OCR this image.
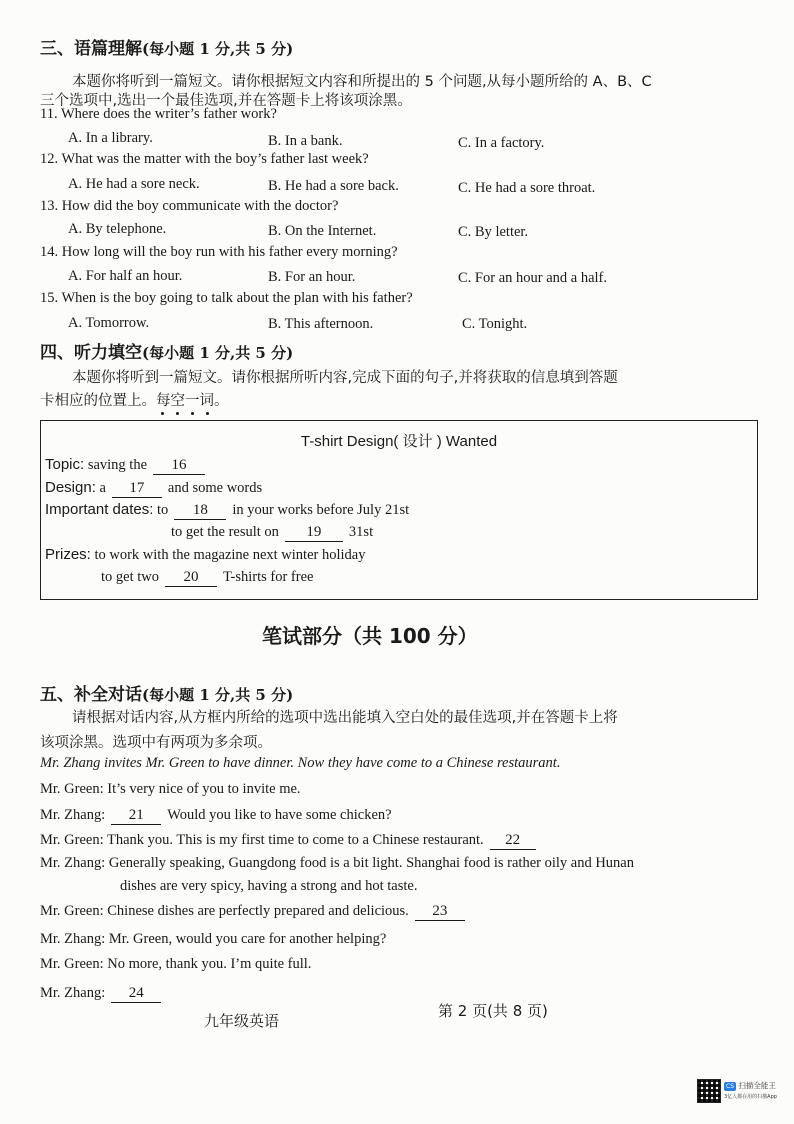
三、语篇理解(每小题 1 分,共 5 分)
本题你将听到一篇短文。请你根据短文内容和所提出的 5 个问题,从每小题所给的 A、B、C
三个选项中,选出一个最佳选项,并在答题卡上将该项涂黑。
11. Where does the writer’s father work?
A. In a library.	B. In a bank.	C. In a factory.
12. What was the matter with the boy’s father last week?
A. He had a sore neck.	B. He had a sore back.	C. He had a sore throat.
13. How did the boy communicate with the doctor?
A. By telephone.	B. On the Internet.	C. By letter.
14. How long will the boy run with his father every morning?
A. For half an hour.	B. For an hour.	C. For an hour and a half.
15. When is the boy going to talk about the plan with his father?
A. Tomorrow.	B. This afternoon.	C. Tonight.
四、听力填空(每小题 1 分,共 5 分)
本题你将听到一篇短文。请你根据所听内容,完成下面的句子,并将获取的信息填到答题
卡相应的位置上。每空一词
。
T-shirt Design( 设计 ) Wanted
Topic: saving the 16
Design: a 17 and some words
Important dates: to 18 in your works before July 21st
to get the result on 19 31st
Prizes: to work with the magazine next winter holiday
to get two 20 T-shirts for free
笔试部分（共 100 分）
五、补全对话(每小题 1 分,共 5 分)
请根据对话内容,从方框内所给的选项中选出能填入空白处的最佳选项,并在答题卡上将
该项涂黑。选项中有两项为多余项。
Mr. Zhang invites Mr. Green to have dinner. Now they have come to a Chinese restaurant.
Mr. Green: It’s very nice of you to invite me.
Mr. Zhang: 21 Would you like to have some chicken?
Mr. Green: Thank you. This is my first time to come to a Chinese restaurant. 22
Mr. Zhang: Generally speaking, Guangdong food is a bit light. Shanghai food is rather oily and Hunan
dishes are very spicy, having a strong and hot taste.
Mr. Green: Chinese dishes are perfectly prepared and delicious. 23
Mr. Zhang: Mr. Green, would you care for another helping?
Mr. Green: No more, thank you. I’m quite full.
Mr. Zhang: 24
九年级英语
第 2 页(共 8 页)
CS 扫描全能王
3亿人都在用的扫描App
